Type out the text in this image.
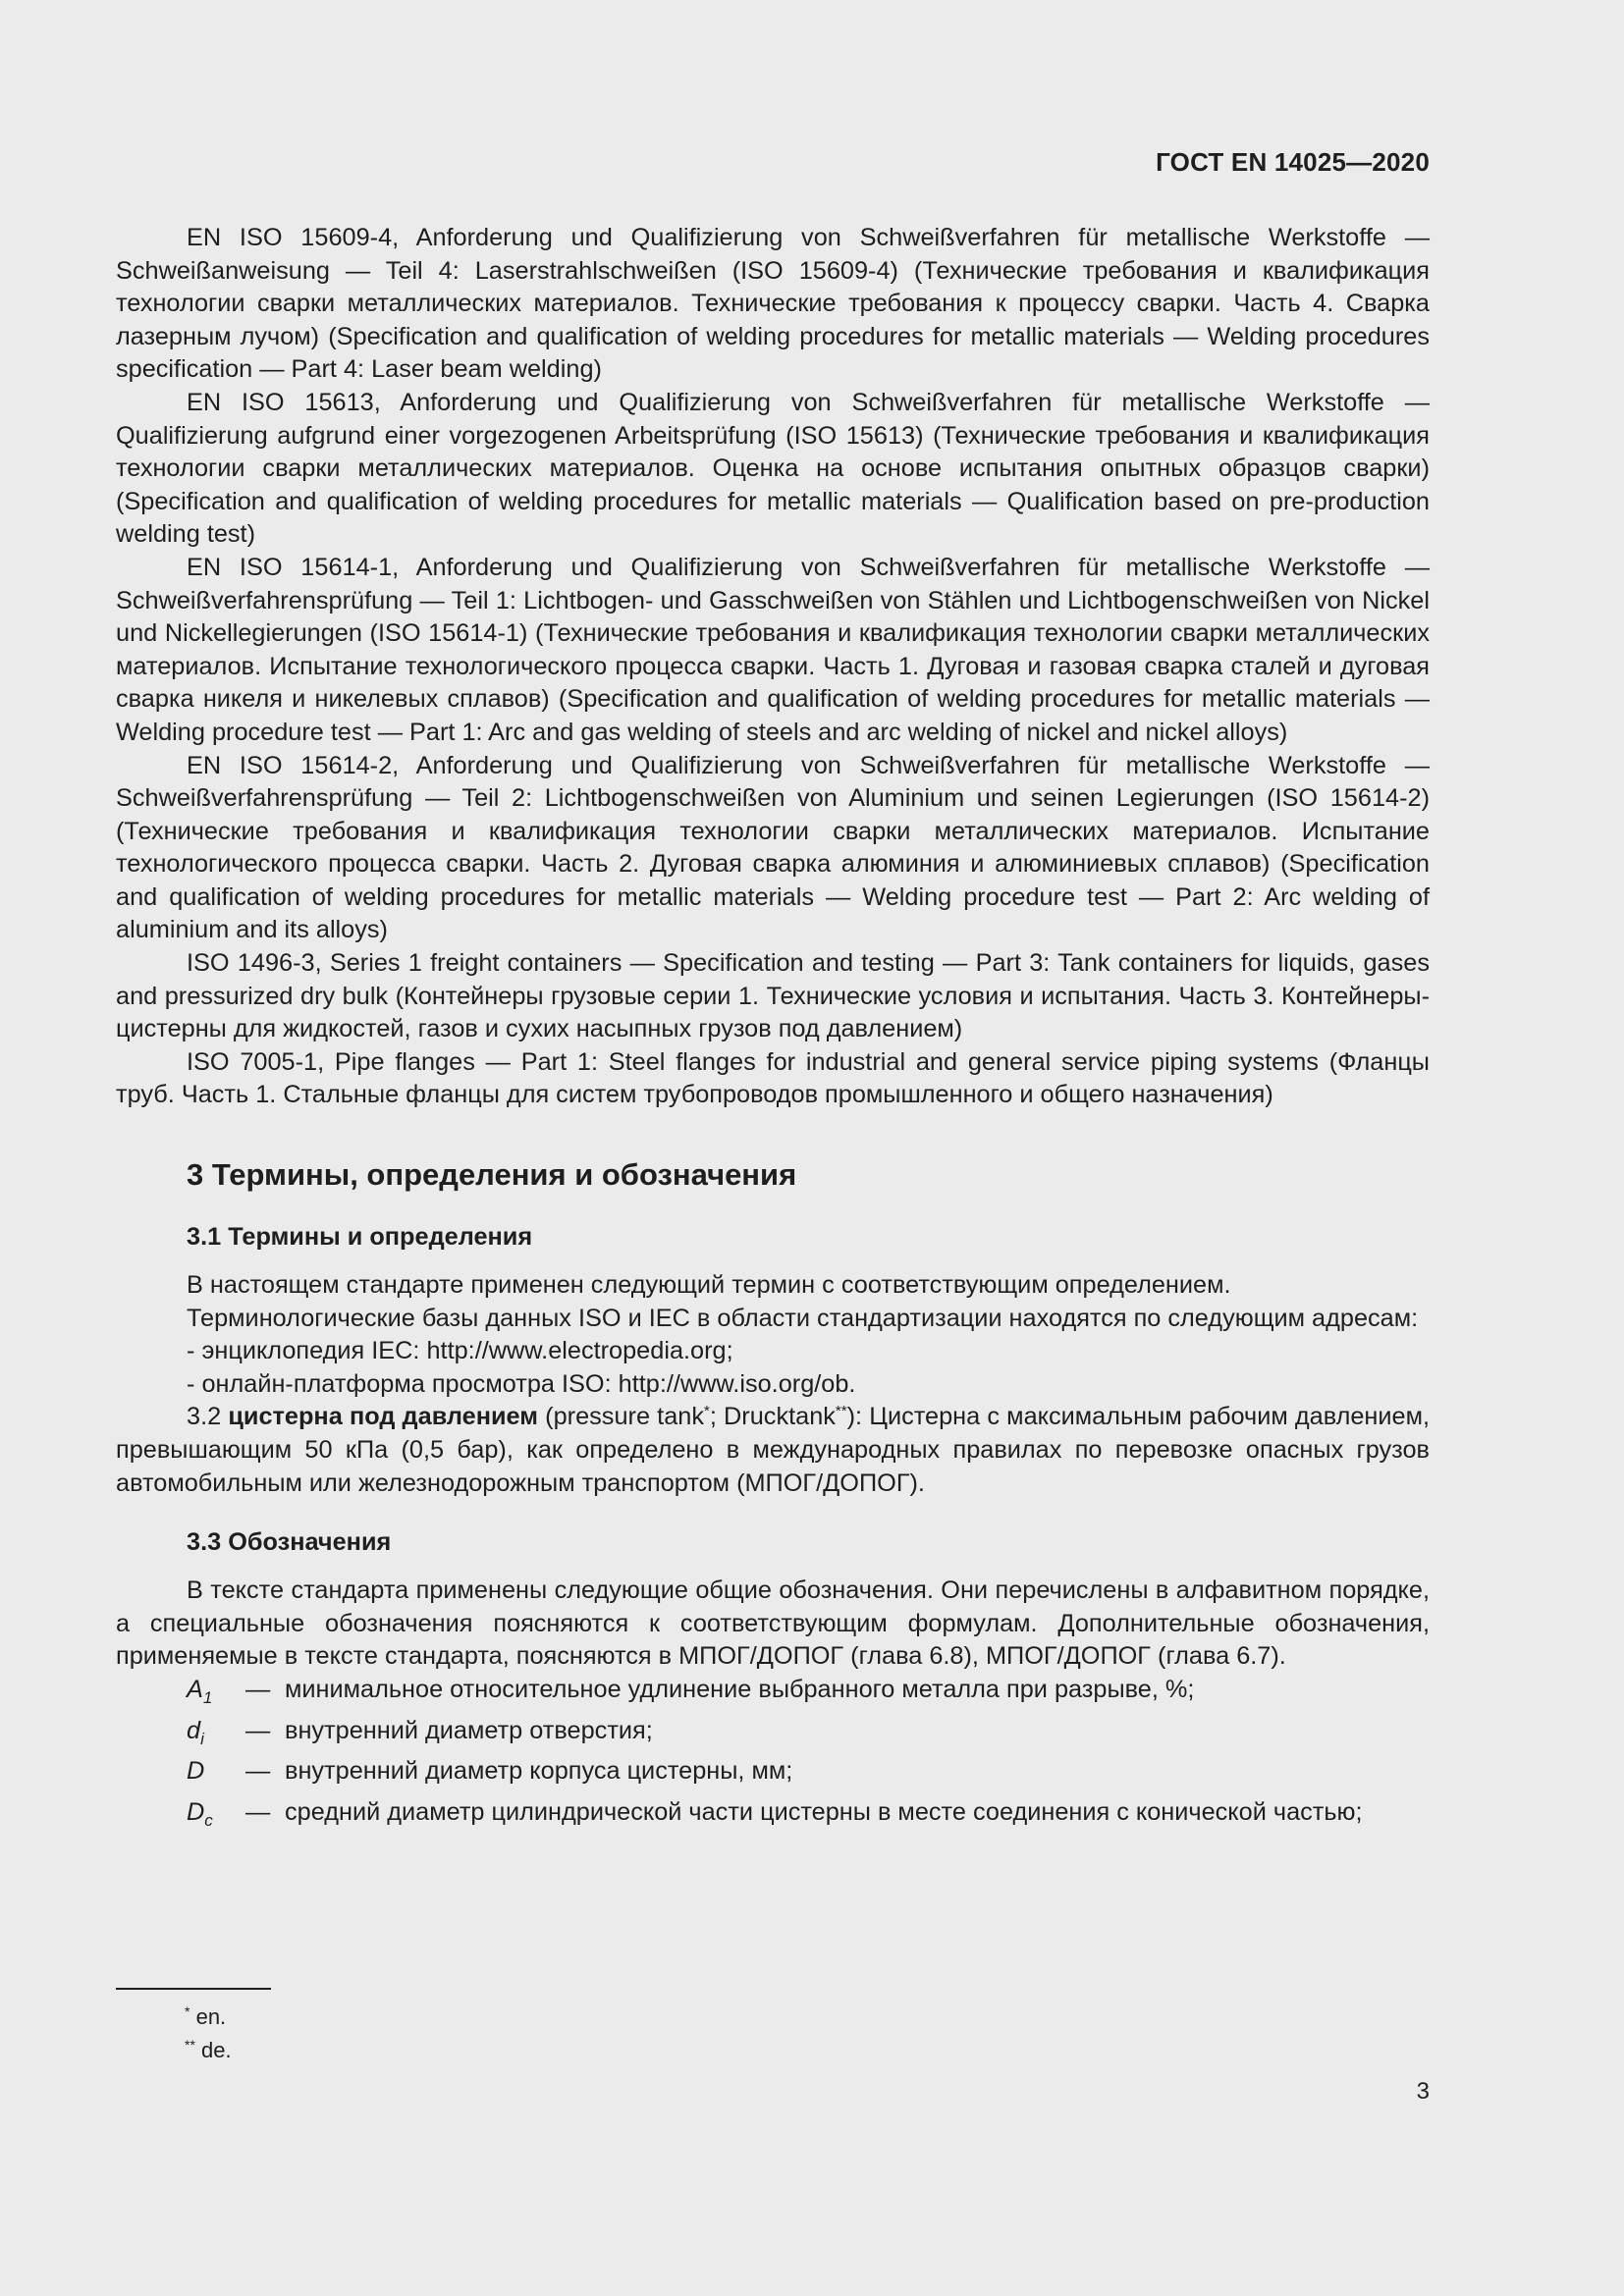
ГОСТ EN 14025—2020

EN ISO 15609-4, Anforderung und Qualifizierung von Schweißverfahren für metallische Werkstoffe — Schweißanweisung — Teil 4: Laserstrahlschweißen (ISO 15609-4) (Технические требования и квалификация технологии сварки металлических материалов. Технические требования к процессу сварки. Часть 4. Сварка лазерным лучом) (Specification and qualification of welding procedures for metallic materials — Welding procedures specification — Part 4: Laser beam welding)

EN ISO 15613, Anforderung und Qualifizierung von Schweißverfahren für metallische Werkstoffe — Qualifizierung aufgrund einer vorgezogenen Arbeitsprüfung (ISO 15613) (Технические требования и квалификация технологии сварки металлических материалов. Оценка на основе испытания опытных образцов сварки) (Specification and qualification of welding procedures for metallic materials — Qualification based on pre-production welding test)

EN ISO 15614-1, Anforderung und Qualifizierung von Schweißverfahren für metallische Werkstoffe — Schweißverfahrensprüfung — Teil 1: Lichtbogen- und Gasschweißen von Stählen und Lichtbogenschweißen von Nickel und Nickellegierungen (ISO 15614-1) (Технические требования и квалификация технологии сварки металлических материалов. Испытание технологического процесса сварки. Часть 1. Дуговая и газовая сварка сталей и дуговая сварка никеля и никелевых сплавов) (Specification and qualification of welding procedures for metallic materials — Welding procedure test — Part 1: Arc and gas welding of steels and arc welding of nickel and nickel alloys)

EN ISO 15614-2, Anforderung und Qualifizierung von Schweißverfahren für metallische Werkstoffe — Schweißverfahrensprüfung — Teil 2: Lichtbogenschweißen von Aluminium und seinen Legierungen (ISO 15614-2) (Технические требования и квалификация технологии сварки металлических материалов. Испытание технологического процесса сварки. Часть 2. Дуговая сварка алюминия и алюминиевых сплавов) (Specification and qualification of welding procedures for metallic materials — Welding procedure test — Part 2: Arc welding of aluminium and its alloys)

ISO 1496-3, Series 1 freight containers — Specification and testing — Part 3: Tank containers for liquids, gases and pressurized dry bulk (Контейнеры грузовые серии 1. Технические условия и испытания. Часть 3. Контейнеры-цистерны для жидкостей, газов и сухих насыпных грузов под давлением)

ISO 7005-1, Pipe flanges — Part 1: Steel flanges for industrial and general service piping systems (Фланцы труб. Часть 1. Стальные фланцы для систем трубопроводов промышленного и общего назначения)

3 Термины, определения и обозначения
3.1 Термины и определения

В настоящем стандарте применен следующий термин с соответствующим определением.

Терминологические базы данных ISO и IEC в области стандартизации находятся по следующим адресам:

- энциклопедия IEC: http://www.electropedia.org;

- онлайн-платформа просмотра ISO: http://www.iso.org/ob.

3.2 цистерна под давлением (pressure tank*; Drucktank**): Цистерна с максимальным рабочим давлением, превышающим 50 кПа (0,5 бар), как определено в международных правилах по перевозке опасных грузов автомобильным или железнодорожным транспортом (МПОГ/ДОПОГ).

3.3 Обозначения

В тексте стандарта применены следующие общие обозначения. Они перечислены в алфавитном порядке, а специальные обозначения поясняются к соответствующим формулам. Дополнительные обозначения, применяемые в тексте стандарта, поясняются в МПОГ/ДОПОГ (глава 6.8), МПОГ/ДОПОГ (глава 6.7).

$A_1$	— минимальное относительное удлинение выбранного металла при разрыве, %;
$d_i$	— внутренний диаметр отверстия;
D	— внутренний диаметр корпуса цистерны, мм;
$D_c$	— средний диаметр цилиндрической части цистерны в месте соединения с конической частью;
* en.
** de.
3
